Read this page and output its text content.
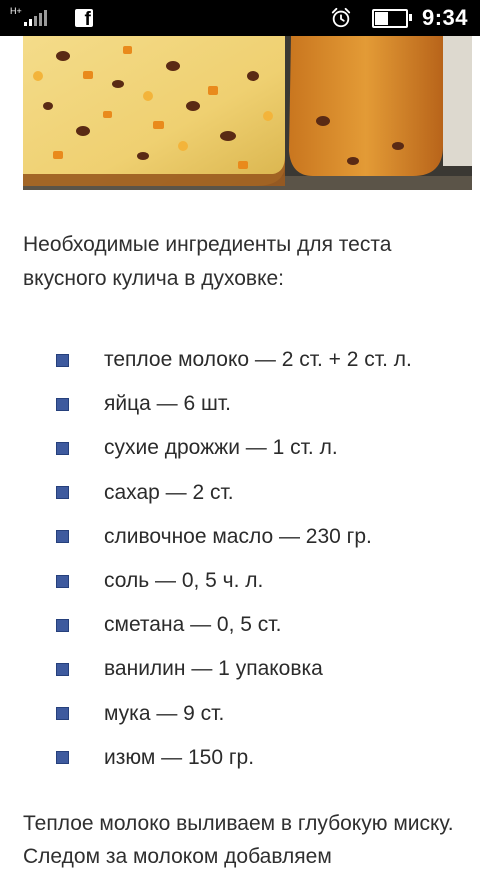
H+
f	9:34

Необходимые ингредиенты для теста вкусного кулича в духовке:

теплое молоко — 2 ст. + 2 ст. л.
яйца — 6 шт.
сухие дрожжи — 1 ст. л.
сахар — 2 ст.
сливочное масло — 230 гр.
соль — 0, 5 ч. л.
сметана — 0, 5 ст.
ванилин — 1 упаковка
мука — 9 ст.
изюм — 150 гр.

Теплое молоко выливаем в глубокую миску. Следом за молоком добавляем
